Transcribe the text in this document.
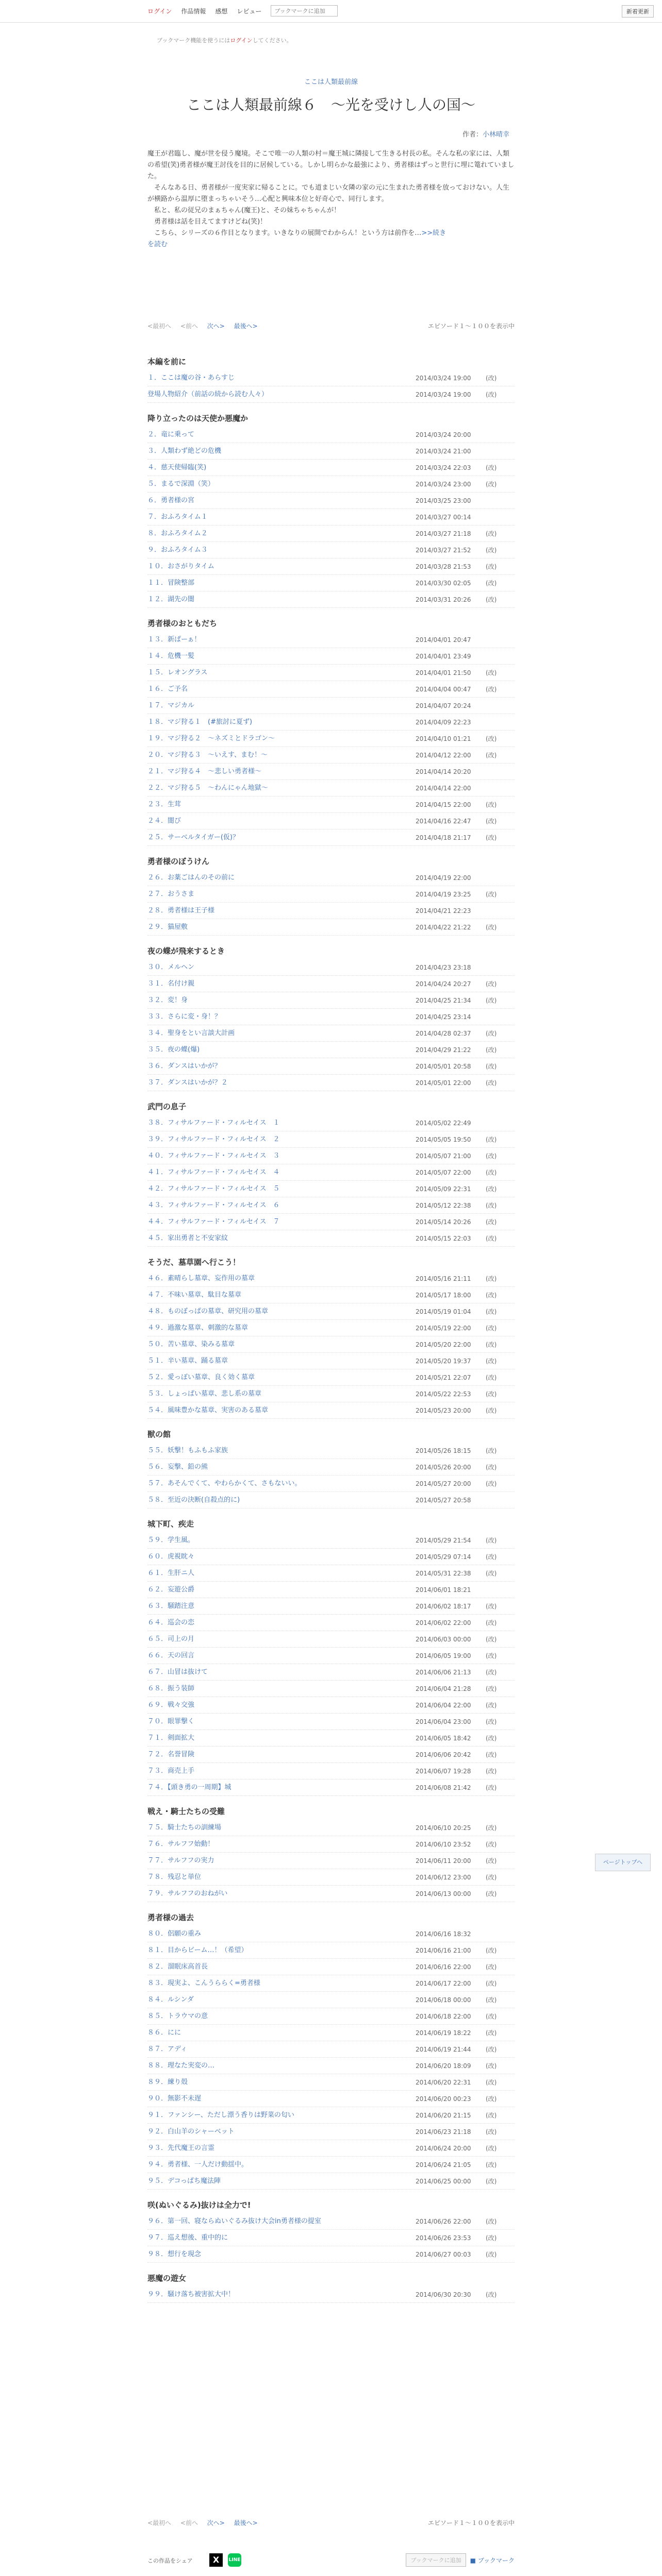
ログイン 作品情報 感想 レビュー
ブックマークに追加	新着更新
ブックマーク機能を使うにはログインしてください。
ここは人類最前線
ここは人類最前線６　～光を受けし人の国～
作者：小林晴幸

魔王が君臨し、魔が世を侵う魔境。そこで唯一の人類の村＝魔王城に隣接して生きる村長の私。そんな私の家には、人類の希望(笑)勇者様が魔王討伐を目的に居候している。しかし明らかな最強により、勇者様はずっと世行に埋に篭れていました。

　そんなある日、勇者様が一度実家に帰ることに。でも道まじい女隣の家の元に生まれた勇者様を放っておけない。人生が横路から温厚に堕まっちゃいそう…心配と興味本位と好奇心で、同行します。

　私と、私の従兄のまぁちゃん(魔王)と、その妹ちゃちゃんが！

　勇者様は話を目えてますけどね(笑)！

　こちら、シリーズの６作目となります。いきなりの展開でわからん！という方は前作を…>>続き

を読む

<最初へ <前へ 次へ> 最後へ>	エピソード１～１００を表示中
本編を前に
１．ここは魔の谷・あらすじ	2014/03/24 19:00 (改)
登場人物紹介（前話の続から読む人々）	2014/03/24 19:00 (改)
降り立ったのは天使か悪魔か
２．竜に乗って	2014/03/24 20:00
３．人類わず絶どの危機	2014/03/24 21:00
４．慈天使帰臨(笑)	2014/03/24 22:03 (改)
５．まるで深淵（笑）	2014/03/24 23:00 (改)
６．勇者様の宮	2014/03/25 23:00
７．おふろタイム１	2014/03/27 00:14
８．おふろタイム２	2014/03/27 21:18 (改)
９．おふろタイム３	2014/03/27 21:52 (改)
１０．おさがりタイム	2014/03/28 21:53 (改)
１１．冒険整部	2014/03/30 02:05 (改)
１２．湖先の闇	2014/03/31 20:26 (改)
勇者様のおともだち
１３．新ぱーぁ！	2014/04/01 20:47
１４．危機一髪	2014/04/01 23:49
１５．レオングラス	2014/04/01 21:50 (改)
１６．ご予名	2014/04/04 00:47 (改)
１７．マジカル	2014/04/07 20:24
１８．マジ狩る１　(#旅討に夏ず)	2014/04/09 22:23
１９．マジ狩る２　～ネズミとドラゴン～	2014/04/10 01:21 (改)
２０．マジ狩る３　～いえす、まむ！～	2014/04/12 22:00 (改)
２１．マジ狩る４　～悲しい勇者様～	2014/04/14 20:20
２２．マジ狩る５　～わんにゃん地獄～	2014/04/14 22:00
２３．生茸	2014/04/15 22:00 (改)
２４．闇び	2014/04/16 22:47 (改)
２５．サーベルタイガー(仮)？	2014/04/18 21:17 (改)
勇者様のぼうけん
２６．お薬ごはんのその前に	2014/04/19 22:00
２７．おうさま	2014/04/19 23:25 (改)
２８．勇者様は王子様	2014/04/21 22:23
２９．猫屋敷	2014/04/22 21:22 (改)
夜の蝶が飛来するとき
３０．メルヘン	2014/04/23 23:18
３１．名付け親	2014/04/24 20:27 (改)
３２．変！身	2014/04/25 21:34 (改)
３３．さらに変・身！？	2014/04/25 23:14
３４．聖身をとい言談大計画	2014/04/28 02:37 (改)
３５．夜の蝶(爆)	2014/04/29 21:22 (改)
３６．ダンスはいかが？	2014/05/01 20:58 (改)
３７．ダンスはいかが？２	2014/05/01 22:00 (改)
武門の息子
３８．フィサルファード・フィルセイス　１	2014/05/02 22:49
３９．フィサルファード・フィルセイス　２	2014/05/05 19:50 (改)
４０．フィサルファード・フィルセイス　３	2014/05/07 21:00 (改)
４１．フィサルファード・フィルセイス　４	2014/05/07 22:00 (改)
４２．フィサルファード・フィルセイス　５	2014/05/09 22:31 (改)
４３．フィサルファード・フィルセイス　６	2014/05/12 22:38 (改)
４４．フィサルファード・フィルセイス　７	2014/05/14 20:26 (改)
４５．家出勇者と不安家紋	2014/05/15 22:03 (改)
そうだ、墓草園へ行こう！
４６．素晴らし墓章、妄作用の墓章	2014/05/16 21:11 (改)
４７．不味い墓章、駄目な墓章	2014/05/17 18:00 (改)
４８．ものぼっぱの墓章、研究用の墓章	2014/05/19 01:04 (改)
４９．過激な墓章、刺激的な墓章	2014/05/19 22:00 (改)
５０．苦い墓章、染みる墓章	2014/05/20 22:00 (改)
５１．辛い墓章、踊る墓章	2014/05/20 19:37 (改)
５２．愛っぽい墓章、良く効く墓章	2014/05/21 22:07 (改)
５３．しょっぱい墓章、悲し系の墓章	2014/05/22 22:53 (改)
５４．風味豊かな墓章、実害のある墓章	2014/05/23 20:00 (改)
獣の館
５５．妖撃！もふもふ家族	2014/05/26 18:15 (改)
５６．妄撃、鉛の熊	2014/05/26 20:00 (改)
５７．あそんでくて、やわらかくて、さもないい。	2014/05/27 20:00 (改)
５８．至近の決断(自殺点的に)	2014/05/27 20:58
城下町、疾走
５９．学生風。	2014/05/29 21:54 (改)
６０．虎視眈々	2014/05/29 07:14 (改)
６１．生肝ニ人	2014/05/31 22:38 (改)
６２．妄遊公爵	2014/06/01 18:21
６３．騒踏注意	2014/06/02 18:17 (改)
６４．巡会の恋	2014/06/02 22:00 (改)
６５．司上の月	2014/06/03 00:00 (改)
６６．天の回言	2014/06/05 19:00 (改)
６７．山冒は抜けて	2014/06/06 21:13 (改)
６８．振う装師	2014/06/04 21:28 (改)
６９．戦々交強	2014/06/04 22:00 (改)
７０．眼罪撃く	2014/06/04 23:00 (改)
７１．剣面拡大	2014/06/05 18:42 (改)
７２．名誉冒険	2014/06/06 20:42 (改)
７３．商売上手	2014/06/07 19:28 (改)
７４．【頭き勇の一周期】城	2014/06/08 21:42 (改)
戦え・騎士たちの受難
７５．騎士たちの訓練場	2014/06/10 20:25 (改)
７６．サルフフ始動！	2014/06/10 23:52 (改)
７７．サルフフの実力	2014/06/11 20:00 (改)
７８．残忍と単位	2014/06/12 23:00 (改)
７９．サルフフのおねがい	2014/06/13 00:00 (改)
勇者様の過去
８０．侶願の重み	2014/06/16 18:32
８１．目からビーム…！（希望）	2014/06/16 21:00 (改)
８２．溜眠床高首長	2014/06/16 22:00 (改)
８３．現実よ、こんうららく=勇者様	2014/06/17 22:00 (改)
８４．ルシンダ	2014/06/18 00:00 (改)
８５．トラウマの意	2014/06/18 22:00 (改)
８６．にに	2014/06/19 18:22 (改)
８７．アディ	2014/06/19 21:44 (改)
８８．理なた実変の…	2014/06/20 18:09 (改)
８９．練り殻	2014/06/20 22:31 (改)
９０．無影不未遅	2014/06/20 00:23 (改)
９１．ファンシー、ただし漂う香りは野菜の匂い	2014/06/20 21:15 (改)
９２．白山羊のシャーベット	2014/06/23 21:18 (改)
９３．先代魔王の言霊	2014/06/24 20:00 (改)
９４．勇者様、一人だけ動揺中。	2014/06/24 21:05 (改)
９５．デコっぱち魔法陣	2014/06/25 00:00 (改)
咲(ぬいぐるみ)抜けは全力で!
９６．第一回、寝ならぬいぐるみ抜け大会in勇者様の提室	2014/06/26 22:00 (改)
９７．巡え想後、重中的に	2014/06/26 23:53 (改)
９８．想行を現念	2014/06/27 00:03 (改)
悪魔の遊女
９９．騒け落ち被害拡大中！	2014/06/30 20:30 (改)
<最初へ <前へ 次へ> 最後へ>	エピソード１～１００を表示中
ページトップへ
この作品をシェア	X	LINE	ブックマークに追加	■ ブックマーク
